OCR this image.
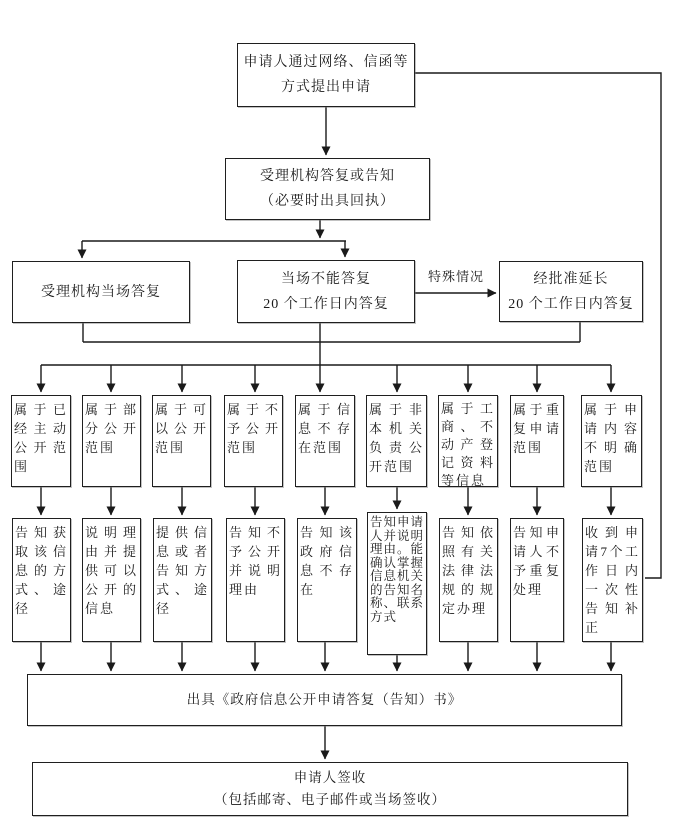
申请人通过网络、信函等
方式提出申请
受理机构答复或告知
（必要时出具回执）
受理机构当场答复
当场不能答复
20 个工作日内答复
特殊情况	经批准延长
20 个工作日内答复
属于已经主动公开范围
属于部分公开范围
属于可以公开范围
属于不予公开范围
属于信息不存在范围
属于非本机关负责公开范围
属于工商、不动产登记资料等信息
属于重复申请范围
属于申请内容不明确范围
告知获取该信息的方式、途径
说明理由并提供可以公开的信息
提供信息或者告知方式、途径
告知不予公开并说明理由
告知该政府信息不存在
告知申请人并说明理由。能确认掌握信息机关的告知名称、联系方式
告知依照有关法律法规的规定办理
告知申请人不予重复处理
收到申请7个工作日内一次性告知补正
出具《政府信息公开申请答复（告知）书》
申请人签收
（包括邮寄、电子邮件或当场签收）
